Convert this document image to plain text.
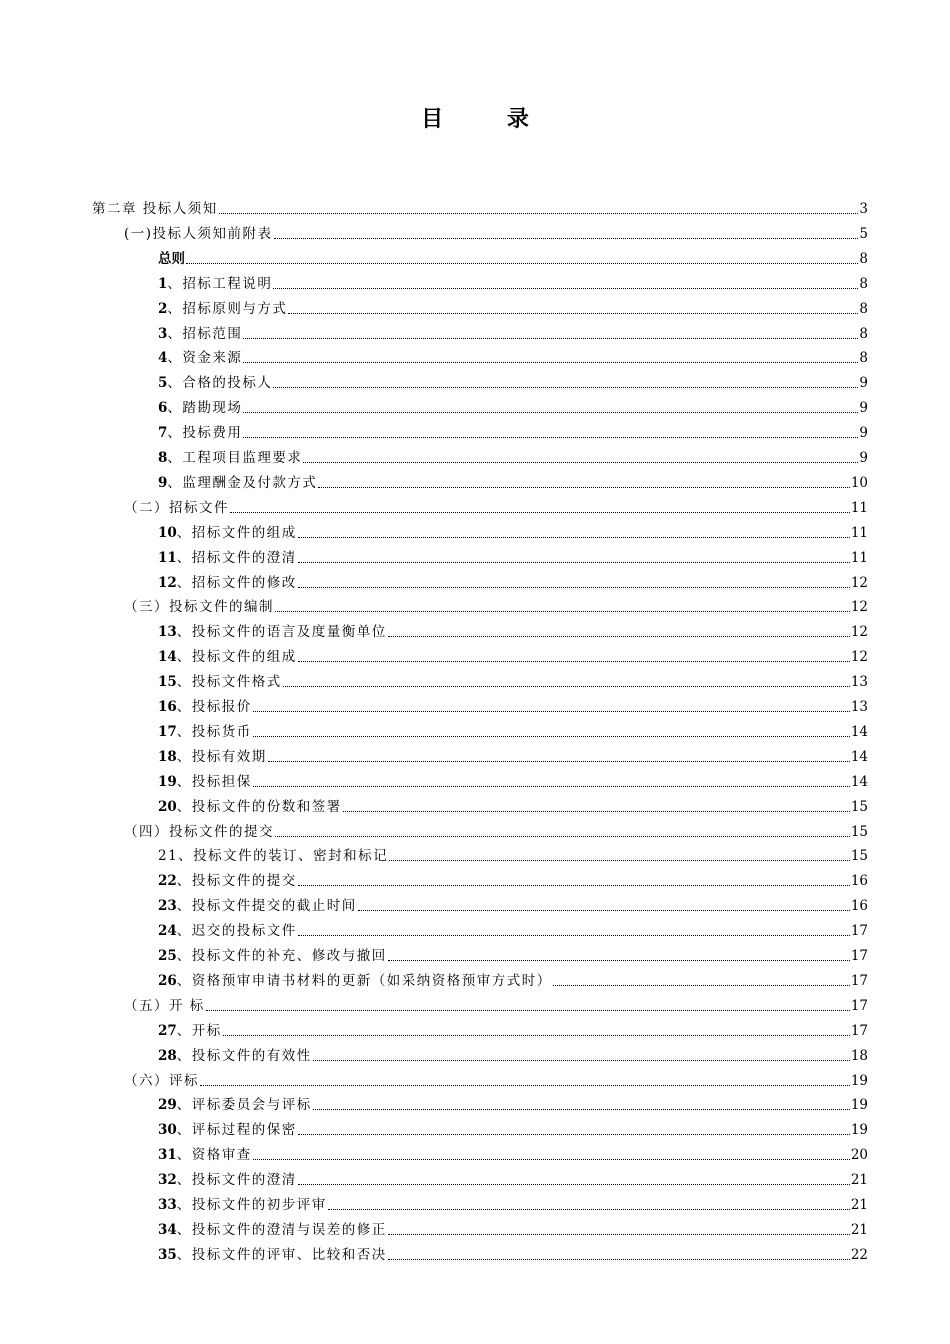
目 录
第二章 投标人须知	3
(一)投标人须知前附表	5
总则	8
1、招标工程说明	8
2、招标原则与方式	8
3、招标范围	8
4、资金来源	8
5、合格的投标人	9
6、踏勘现场	9
7、投标费用	9
8、工程项目监理要求	9
9、监理酬金及付款方式	10
（二）招标文件	11
10、招标文件的组成	11
11、招标文件的澄清	11
12、招标文件的修改	12
（三）投标文件的编制	12
13、投标文件的语言及度量衡单位	12
14、投标文件的组成	12
15、投标文件格式	13
16、投标报价	13
17、投标货币	14
18、投标有效期	14
19、投标担保	14
20、投标文件的份数和签署	15
（四）投标文件的提交	15
21、投标文件的装订、密封和标记	15
22、投标文件的提交	16
23、投标文件提交的截止时间	16
24、迟交的投标文件	17
25、投标文件的补充、修改与撤回	17
26、资格预审申请书材料的更新（如采纳资格预审方式时）	17
（五）开 标	17
27、开标	17
28、投标文件的有效性	18
（六）评标	19
29、评标委员会与评标	19
30、评标过程的保密	19
31、资格审查	20
32、投标文件的澄清	21
33、投标文件的初步评审	21
34、投标文件的澄清与误差的修正	21
35、投标文件的评审、比较和否决	22
